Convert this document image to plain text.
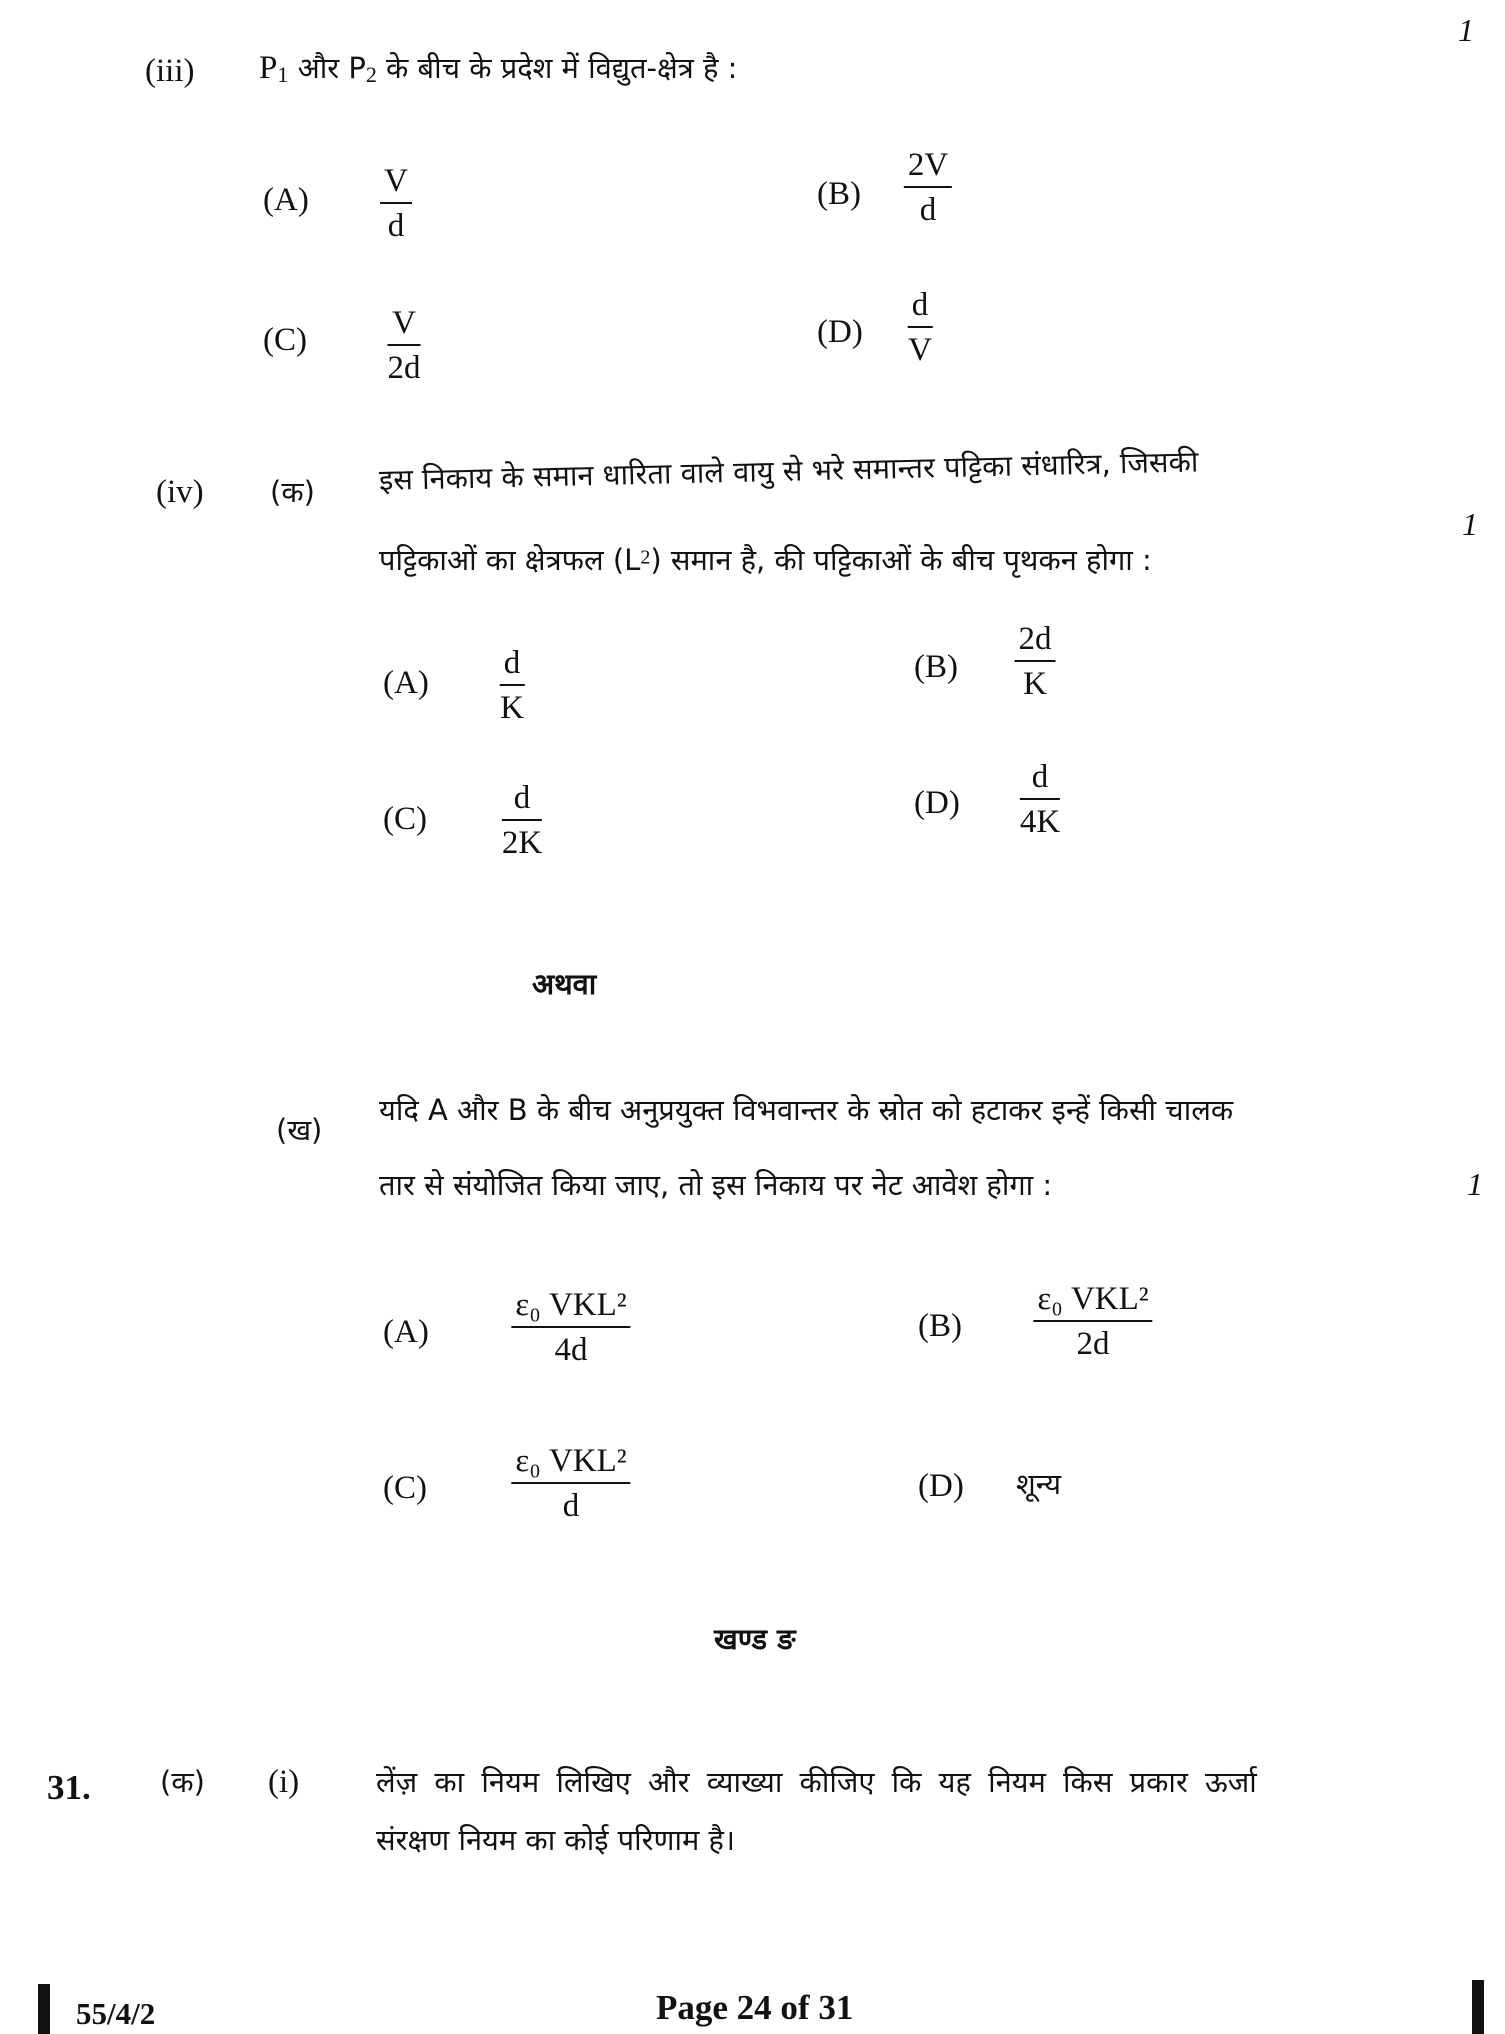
1
1
1
(iii) $P_1$ और $P_2$ के बीच के प्रदेश में विद्युत-क्षेत्र है :
(A)
V
d
(B)
2V
d
(C)	V
2d
(D)
d
V
(iv) (क) इस निकाय के समान धारिता वाले वायु से भरे समान्तर पट्टिका संधारित्र, जिसकी
पट्टिकाओं का क्षेत्रफल $(L^2)$ समान है, की पट्टिकाओं के बीच पृथकन होगा :
(A)
d
K
(B)
2d
K
(C)
d
2K
(D)
d
4K
अथवा
(ख)
यदि A और B के बीच अनुप्रयुक्त विभवान्तर के स्रोत को हटाकर इन्हें किसी चालक
तार से संयोजित किया जाए, तो इस निकाय पर नेट आवेश होगा :
(A)
ε₀ VKL²
4d
(B)
ε₀ VKL²
2d
(C)
ε₀ VKL²
d
(D) शून्य
खण्ड ङ
31. (क) (i)	लेंज़ का नियम लिखिए और व्याख्या कीजिए कि यह नियम किस प्रकार ऊर्जा
संरक्षण नियम का कोई परिणाम है।
55/4/2	Page 24 of 31
